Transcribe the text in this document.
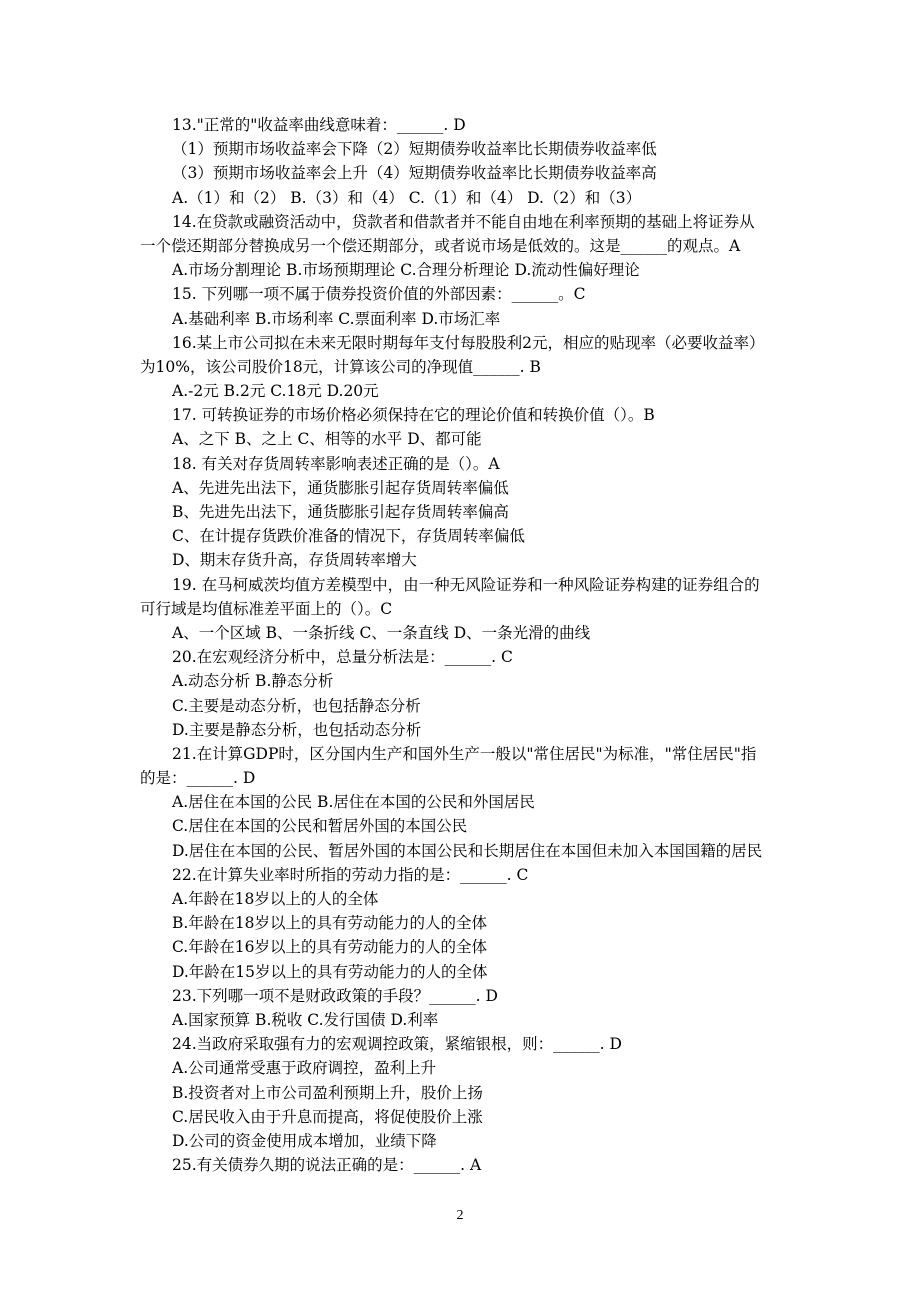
13."正常的"收益率曲线意味着：______. D
（1）预期市场收益率会下降（2）短期债券收益率比长期债券收益率低
（3）预期市场收益率会上升（4）短期债券收益率比长期债券收益率高
A.（1）和（2） B.（3）和（4） C.（1）和（4） D.（2）和（3）
14.在贷款或融资活动中，贷款者和借款者并不能自由地在利率预期的基础上将证券从
一个偿还期部分替换成另一个偿还期部分，或者说市场是低效的。这是______的观点。A
A.市场分割理论 B.市场预期理论 C.合理分析理论 D.流动性偏好理论
15. 下列哪一项不属于债券投资价值的外部因素：______。C
A.基础利率 B.市场利率 C.票面利率 D.市场汇率
16.某上市公司拟在未来无限时期每年支付每股股利2元，相应的贴现率（必要收益率）
为10%，该公司股价18元，计算该公司的净现值______. B
A.-2元 B.2元 C.18元 D.20元
17. 可转换证券的市场价格必须保持在它的理论价值和转换价值（）。B
A、之下 B、之上 C、相等的水平 D、都可能
18. 有关对存货周转率影响表述正确的是（）。A
A、先进先出法下，通货膨胀引起存货周转率偏低
B、先进先出法下，通货膨胀引起存货周转率偏高
C、在计提存货跌价准备的情况下，存货周转率偏低
D、期末存货升高，存货周转率增大
19. 在马柯威茨均值方差模型中，由一种无风险证券和一种风险证券构建的证券组合的
可行域是均值标准差平面上的（）。C
A、一个区域 B、一条折线 C、一条直线 D、一条光滑的曲线
20.在宏观经济分析中，总量分析法是：______. C
A.动态分析 B.静态分析
C.主要是动态分析，也包括静态分析
D.主要是静态分析，也包括动态分析
21.在计算GDP时，区分国内生产和国外生产一般以"常住居民"为标准，"常住居民"指
的是：______. D
A.居住在本国的公民 B.居住在本国的公民和外国居民
C.居住在本国的公民和暂居外国的本国公民
D.居住在本国的公民、暂居外国的本国公民和长期居住在本国但未加入本国国籍的居民
22.在计算失业率时所指的劳动力指的是：______. C
A.年龄在18岁以上的人的全体
B.年龄在18岁以上的具有劳动能力的人的全体
C.年龄在16岁以上的具有劳动能力的人的全体
D.年龄在15岁以上的具有劳动能力的人的全体
23.下列哪一项不是财政政策的手段？______. D
A.国家预算 B.税收 C.发行国债 D.利率
24.当政府采取强有力的宏观调控政策，紧缩银根，则：______. D
A.公司通常受惠于政府调控，盈利上升
B.投资者对上市公司盈利预期上升，股价上扬
C.居民收入由于升息而提高，将促使股价上涨
D.公司的资金使用成本增加，业绩下降
25.有关债券久期的说法正确的是：______. A
2
